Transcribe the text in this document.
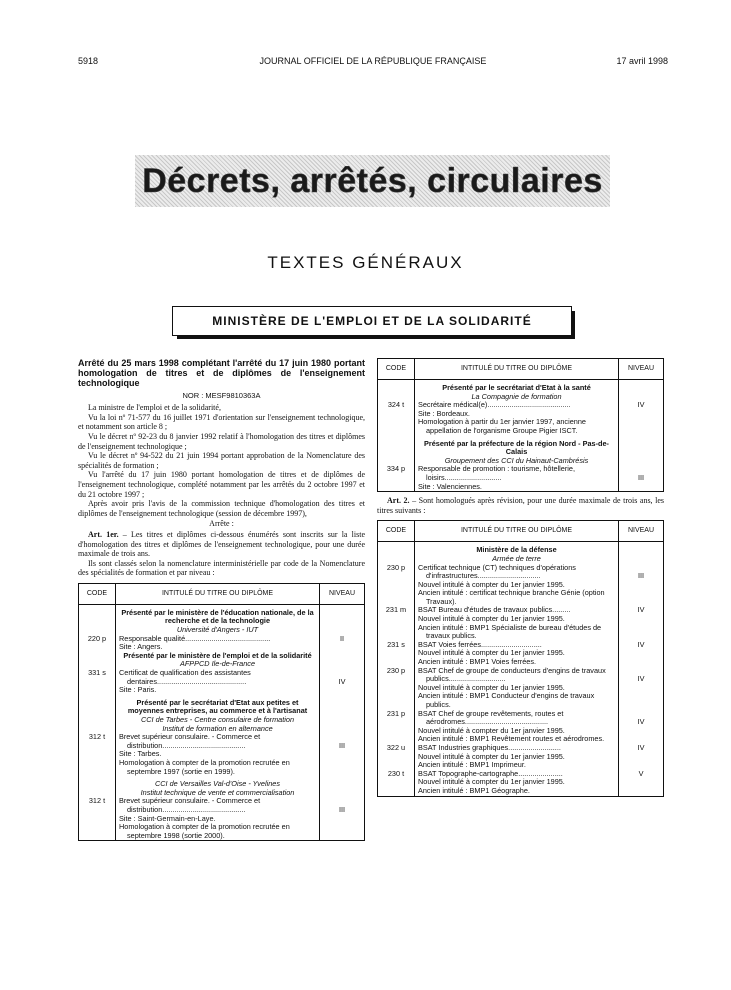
5918	JOURNAL OFFICIEL DE LA RÉPUBLIQUE FRANÇAISE	17 avril 1998
Décrets, arrêtés, circulaires
TEXTES GÉNÉRAUX
MINISTÈRE DE L'EMPLOI ET DE LA SOLIDARITÉ
Arrêté du 25 mars 1998 complétant l'arrêté du 17 juin 1980 portant homologation de titres et de diplômes de l'enseignement technologique
NOR : MESF9810363A

La ministre de l'emploi et de la solidarité,

Vu la loi nº 71-577 du 16 juillet 1971 d'orientation sur l'enseignement technologique, et notamment son article 8 ;

Vu le décret nº 92-23 du 8 janvier 1992 relatif à l'homologation des titres et diplômes de l'enseignement technologique ;

Vu le décret nº 94-522 du 21 juin 1994 portant approbation de la Nomenclature des spécialités de formation ;

Vu l'arrêté du 17 juin 1980 portant homologation de titres et de diplômes de l'enseignement technologique, complété notamment par les arrêtés du 2 octobre 1997 et du 21 octobre 1997 ;

Après avoir pris l'avis de la commission technique d'homologation des titres et diplômes de l'enseignement technologique (session de décembre 1997),

Arrête :

Art. 1er. – Les titres et diplômes ci-dessous énumérés sont inscrits sur la liste d'homologation des titres et diplômes de l'enseignement technologique, pour une durée maximale de trois ans.

Ils sont classés selon la nomenclature interministérielle par code de la Nomenclature des spécialités de formation et par niveau :

CODE	INTITULÉ DU TITRE OU DIPLÔME	NIVEAU

	Présenté par le ministère de l'éducation nationale, de la recherche et de la technologie
Université d'Angers - IUT	

220 p	Responsable qualité..........................................
Site : Angers.	II

	Présenté par le ministère de l'emploi et de la solidarité
AFPPCD Ile-de-France	

331 s	Certificat de qualification des assistantes dentaires............................................
Site : Paris.	IV

	Présenté par le secrétariat d'Etat aux petites et moyennes entreprises, au commerce et à l'artisanat
CCI de Tarbes - Centre consulaire de formation
Institut de formation en alternance	

312 t	Brevet supérieur consulaire. - Commerce et distribution.........................................
Site : Tarbes.
Homologation à compter de la promotion recrutée en septembre 1997 (sortie en 1999).	III

	CCI de Versailles Val-d'Oise - Yvelines
Institut technique de vente et commercialisation	

312 t	Brevet supérieur consulaire. - Commerce et distribution.........................................
Site : Saint-Germain-en-Laye.
Homologation à compter de la promotion recrutée en septembre 1998 (sortie 2000).	III
CODE	INTITULÉ DU TITRE OU DIPLÔME	NIVEAU

	Présenté par le secrétariat d'Etat à la santé
La Compagnie de formation	

324 t	Secrétaire médical(e).........................................
Site : Bordeaux.
Homologation à partir du 1er janvier 1997, ancienne appellation de l'organisme Groupe Pigier ISCT.	IV

	Présenté par la préfecture de la région Nord - Pas-de-Calais
Groupement des CCI du Hainaut-Cambrésis	

334 p	Responsable de promotion : tourisme, hôtellerie, loisirs............................
Site : Valenciennes.	III

Art. 2. – Sont homologués après révision, pour une durée maximale de trois ans, les titres suivants :

CODE	INTITULÉ DU TITRE OU DIPLÔME	NIVEAU

	Ministère de la défense
Armée de terre	

230 p	Certificat technique (CT) techniques d'opérations d'infrastructures...............................
Nouvel intitulé à compter du 1er janvier 1995.
Ancien intitulé : certificat technique branche Génie (option Travaux).	III
231 m	BSAT Bureau d'études de travaux publics.........
Nouvel intitulé à compter du 1er janvier 1995.
Ancien intitulé : BMP1 Spécialiste de bureau d'études de travaux publics.	IV
231 s	BSAT Voies ferrées..............................
Nouvel intitulé à compter du 1er janvier 1995.
Ancien intitulé : BMP1 Voies ferrées.	IV
230 p	BSAT Chef de groupe de conducteurs d'engins de travaux publics............................
Nouvel intitulé à compter du 1er janvier 1995.
Ancien intitulé : BMP1 Conducteur d'engins de travaux publics.	IV
231 p	BSAT Chef de groupe revêtements, routes et aérodromes.........................................
Nouvel intitulé à compter du 1er janvier 1995.
Ancien intitulé : BMP1 Revêtement routes et aérodromes.	IV
322 u	BSAT Industries graphiques..........................
Nouvel intitulé à compter du 1er janvier 1995.
Ancien intitulé : BMP1 Imprimeur.	IV
230 t	BSAT Topographe-cartographe......................
Nouvel intitulé à compter du 1er janvier 1995.
Ancien intitulé : BMP1 Géographe.	V
